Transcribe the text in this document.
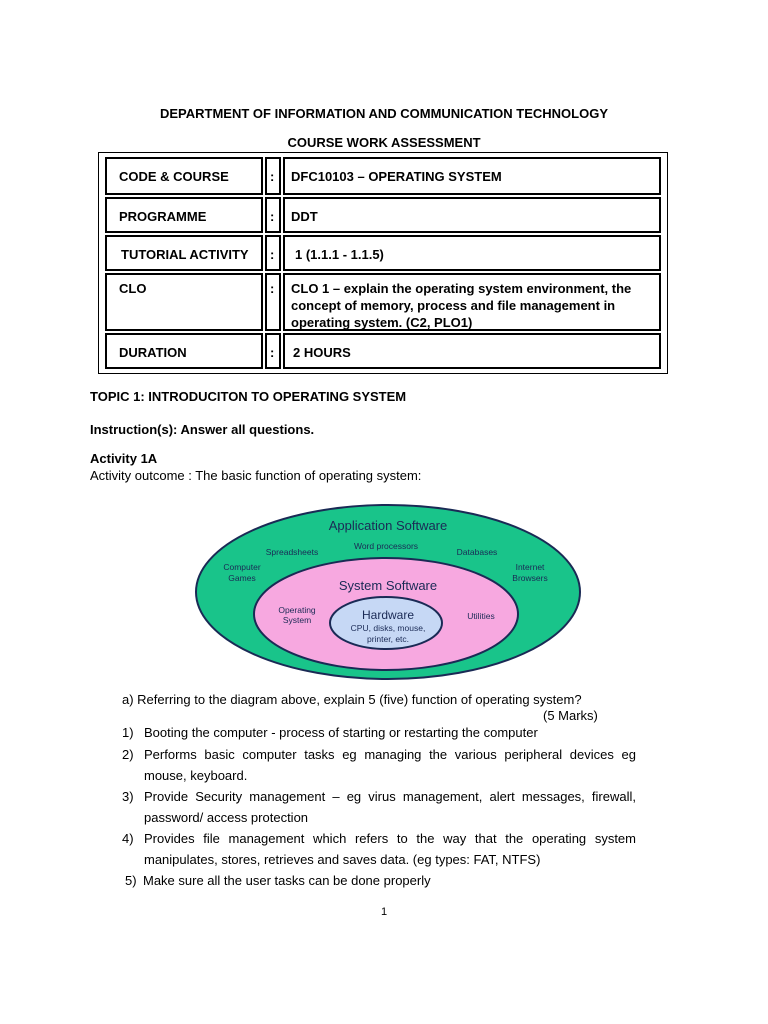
DEPARTMENT OF INFORMATION AND COMMUNICATION TECHNOLOGY
COURSE WORK ASSESSMENT
CODE & COURSE	: DFC10103 – OPERATING SYSTEM
PROGRAMME	: DDT
TUTORIAL ACTIVITY	: 1 (1.1.1 - 1.1.5)
CLO	: CLO 1 – explain the operating system environment, the concept of memory, process and file management in operating system. (C2, PLO1)
DURATION	: 2 HOURS
TOPIC 1: INTRODUCITON TO OPERATING SYSTEM
Instruction(s): Answer all questions.
Activity 1A
Activity outcome : The basic function of operating system:
Application Software
Spreadsheets
Word processors
Databases
Computer
Games
Internet
Browsers
System Software
Operating
System	Utilities
Hardware
CPU, disks, mouse,
printer, etc.
a) Referring to the diagram above, explain 5 (five) function of operating system?
(5 Marks)
1) Booting the computer - process of starting or restarting the computer
2) Performs basic computer tasks eg managing the various peripheral devices eg mouse, keyboard.
3) Provide Security management – eg virus management, alert messages, firewall, password/ access protection
4) Provides file management which refers to the way that the operating system manipulates, stores, retrieves and saves data. (eg types: FAT, NTFS)
5) Make sure all the user tasks can be done properly
1
